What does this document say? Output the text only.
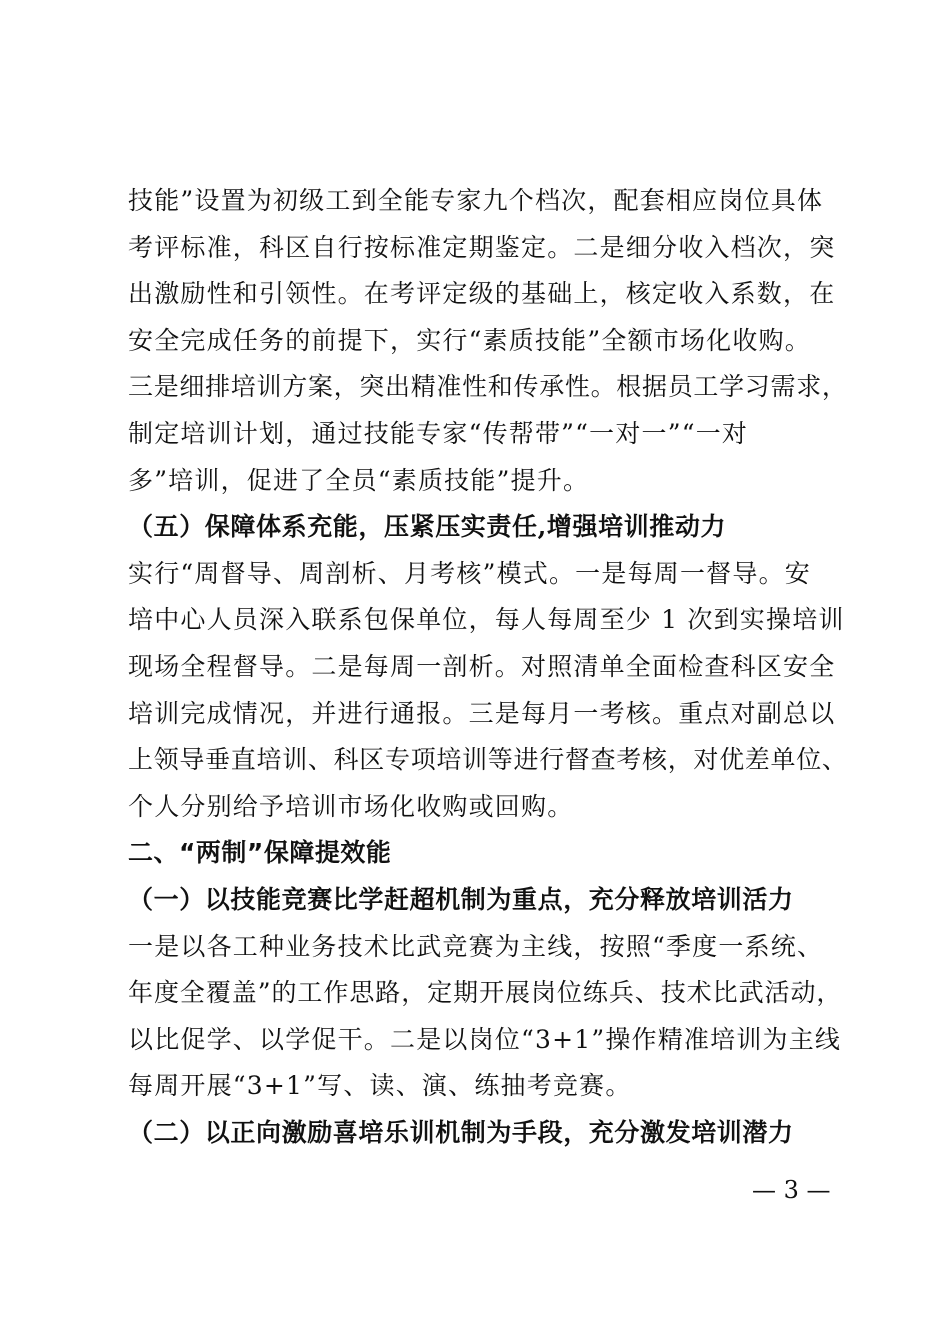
技能”设置为初级工到全能专家九个档次，配套相应岗位具体
考评标准，科区自行按标准定期鉴定。二是细分收入档次，突
出激励性和引领性。在考评定级的基础上，核定收入系数，在
安全完成任务的前提下，实行“素质技能”全额市场化收购。
三是细排培训方案，突出精准性和传承性。根据员工学习需求，
制定培训计划，通过技能专家“传帮带”“一对一”“一对
多”培训，促进了全员“素质技能”提升。
（五）保障体系充能，压紧压实责任,增强培训推动力
实行“周督导、周剖析、月考核”模式。一是每周一督导。安
培中心人员深入联系包保单位，每人每周至少 1 次到实操培训
现场全程督导。二是每周一剖析。对照清单全面检查科区安全
培训完成情况，并进行通报。三是每月一考核。重点对副总以
上领导垂直培训、科区专项培训等进行督查考核，对优差单位、
个人分别给予培训市场化收购或回购。
二、“两制”保障提效能
（一）以技能竞赛比学赶超机制为重点，充分释放培训活力
一是以各工种业务技术比武竞赛为主线，按照“季度一系统、
年度全覆盖”的工作思路，定期开展岗位练兵、技术比武活动，
以比促学、以学促干。二是以岗位“3+1”操作精准培训为主线
每周开展“3+1”写、读、演、练抽考竞赛。
（二）以正向激励喜培乐训机制为手段，充分激发培训潜力
— 3 —
